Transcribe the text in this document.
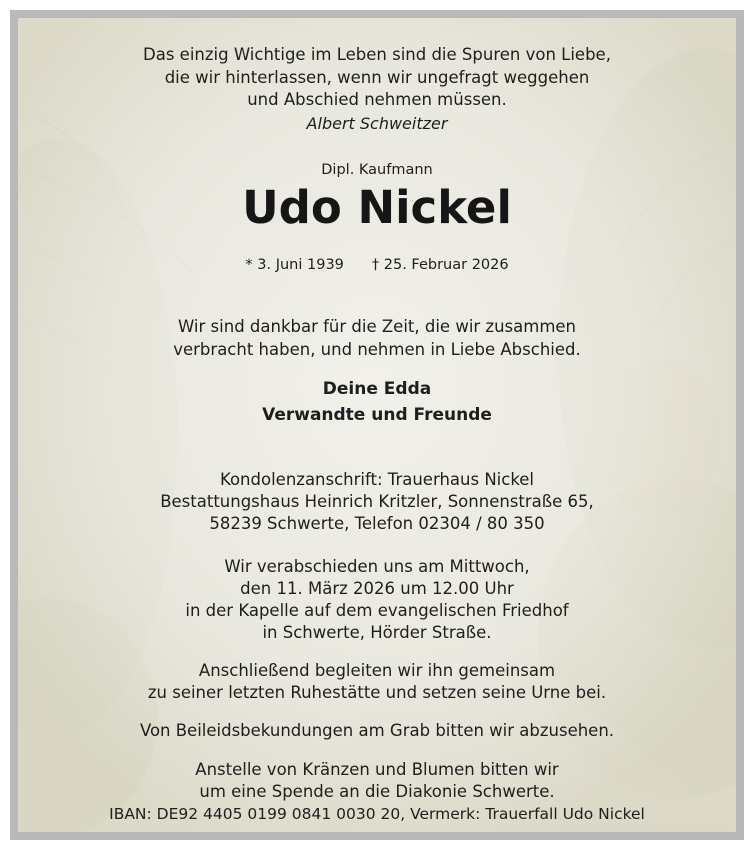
Das einzig Wichtige im Leben sind die Spuren von Liebe,
die wir hinterlassen, wenn wir ungefragt weggehen
und Abschied nehmen müssen.
Albert Schweitzer
Dipl. Kaufmann
Udo Nickel
* 3. Juni 1939 † 25. Februar 2026
Wir sind dankbar für die Zeit, die wir zusammen
verbracht haben, und nehmen in Liebe Abschied.
Deine Edda
Verwandte und Freunde
Kondolenzanschrift: Trauerhaus Nickel
Bestattungshaus Heinrich Kritzler, Sonnenstraße 65,
58239 Schwerte, Telefon 02304 / 80 350
Wir verabschieden uns am Mittwoch,
den 11. März 2026 um 12.00 Uhr
in der Kapelle auf dem evangelischen Friedhof
in Schwerte, Hörder Straße.
Anschließend begleiten wir ihn gemeinsam
zu seiner letzten Ruhestätte und setzen seine Urne bei.
Von Beileidsbekundungen am Grab bitten wir abzusehen.
Anstelle von Kränzen und Blumen bitten wir
um eine Spende an die Diakonie Schwerte.
IBAN: DE92 4405 0199 0841 0030 20, Vermerk: Trauerfall Udo Nickel
